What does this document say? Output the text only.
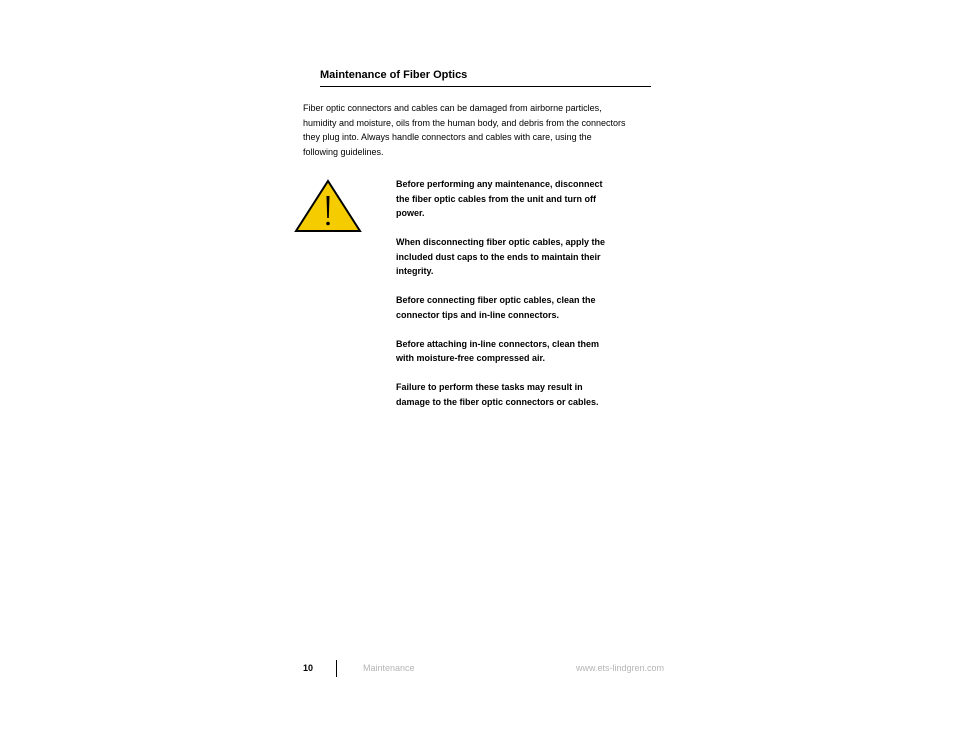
Maintenance of Fiber Optics

Fiber optic connectors and cables can be damaged from airborne particles,
humidity and moisture, oils from the human body, and debris from the connectors
they plug into. Always handle connectors and cables with care, using the
following guidelines.

Before performing any maintenance, disconnect
the fiber optic cables from the unit and turn off
power.

When disconnecting fiber optic cables, apply the
included dust caps to the ends to maintain their
integrity.

Before connecting fiber optic cables, clean the
connector tips and in-line connectors.

Before attaching in-line connectors, clean them
with moisture-free compressed air.

Failure to perform these tasks may result in
damage to the fiber optic connectors or cables.

10	Maintenance	www.ets-lindgren.com
